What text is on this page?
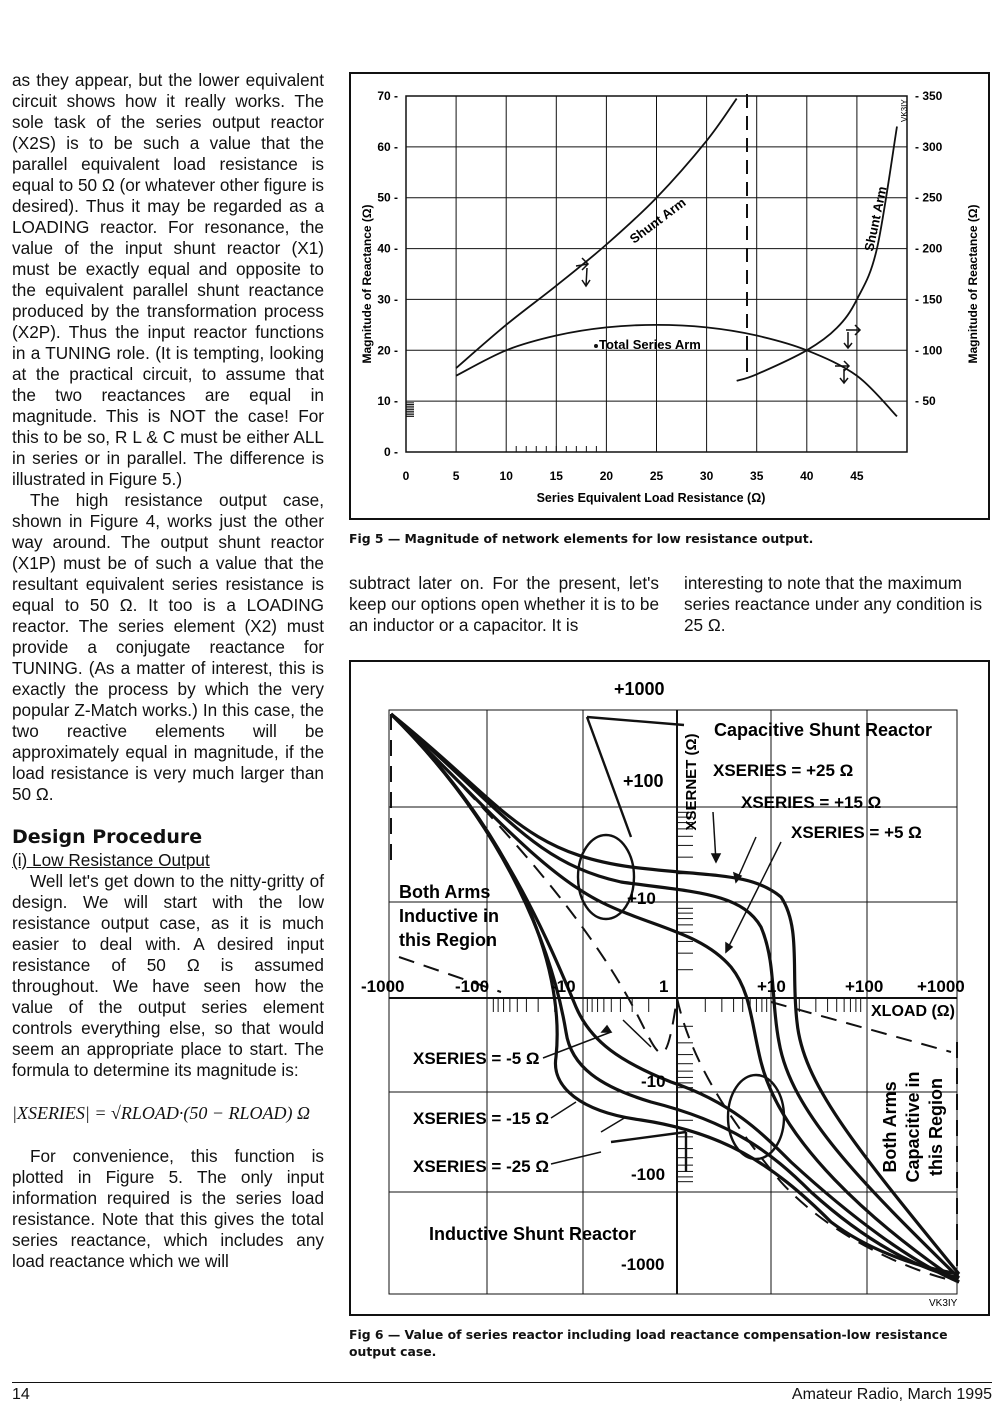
as they appear, but the lower equivalent circuit shows how it really works. The sole task of the series output reactor (X2S) is to be such a value that the parallel equivalent load resistance is equal to 50 Ω (or whatever other figure is desired). Thus it may be regarded as a LOADING reactor. For resonance, the value of the input shunt reactor (X1) must be exactly equal and opposite to the equivalent parallel shunt reactance produced by the transformation process (X2P). Thus the input reactor functions in a TUNING role. (It is tempting, looking at the practical circuit, to assume that the two reactances are equal in magnitude. This is NOT the case! For this to be so, R L & C must be either ALL in series or in parallel. The difference is illustrated in Figure 5.)

The high resistance output case, shown in Figure 4, works just the other way around. The output shunt reactor (X1P) must be of such a value that the resultant equivalent series resistance is equal to 50 Ω. It too is a LOADING reactor. The series element (X2) must provide a conjugate reactance for TUNING. (As a matter of interest, this is exactly the process by which the very popular Z-Match works.) In this case, the two reactive elements will be approximately equal in magnitude, if the load resistance is very much larger than 50 Ω.

Design Procedure

(i) Low Resistance Output

Well let's get down to the nitty-gritty of design. We will start with the low resistance output case, as it is much easier to deal with. A desired input resistance of 50 Ω is assumed throughout. We have seen how the value of the output series element controls everything else, so that would seem an appropriate place to start. The formula to determine its magnitude is:

|XSERIES| = √RLOAD·(50 − RLOAD) Ω

For convenience, this function is plotted in Figure 5. The only input information required is the series load resistance. Note that this gives the total series reactance, which includes any load reactance which we will

70 -
60 -
50 -
40 -
30 -
20 -
10 -
0 -
- 350
- 300
- 250
- 200
- 150
- 100
- 50
0	5	10	15	20	25	30	35	40	45
Shunt Arm	Shunt Arm
Total Series Arm
VK3IY
Magnitude of Reactance (Ω)	Magnitude of Reactance (Ω)
Series Equivalent Load Resistance (Ω)
Fig 5 — Magnitude of network elements for low resistance output.

subtract later on. For the present, let's keep our options open whether it is to be an inductor or a capacitor. It is

interesting to note that the maximum series reactance under any condition is 25 Ω.

+1000
+100
+10
-10
-100
-1000
-1000	-100	-10	1	+10	+100 +1000
XSERNET (Ω)
XLOAD (Ω)
Capacitive Shunt Reactor
Inductive Shunt Reactor
XSERIES = +25 Ω
XSERIES = +15 Ω
XSERIES = +5 Ω
XSERIES = -5 Ω
XSERIES = -15 Ω
XSERIES = -25 Ω
Both Arms
Inductive in
this Region
Both Arms Capacitive in this Region
VK3IY
Fig 6 — Value of series reactor including load reactance compensation-low resistance output case.
14	Amateur Radio, March 1995
